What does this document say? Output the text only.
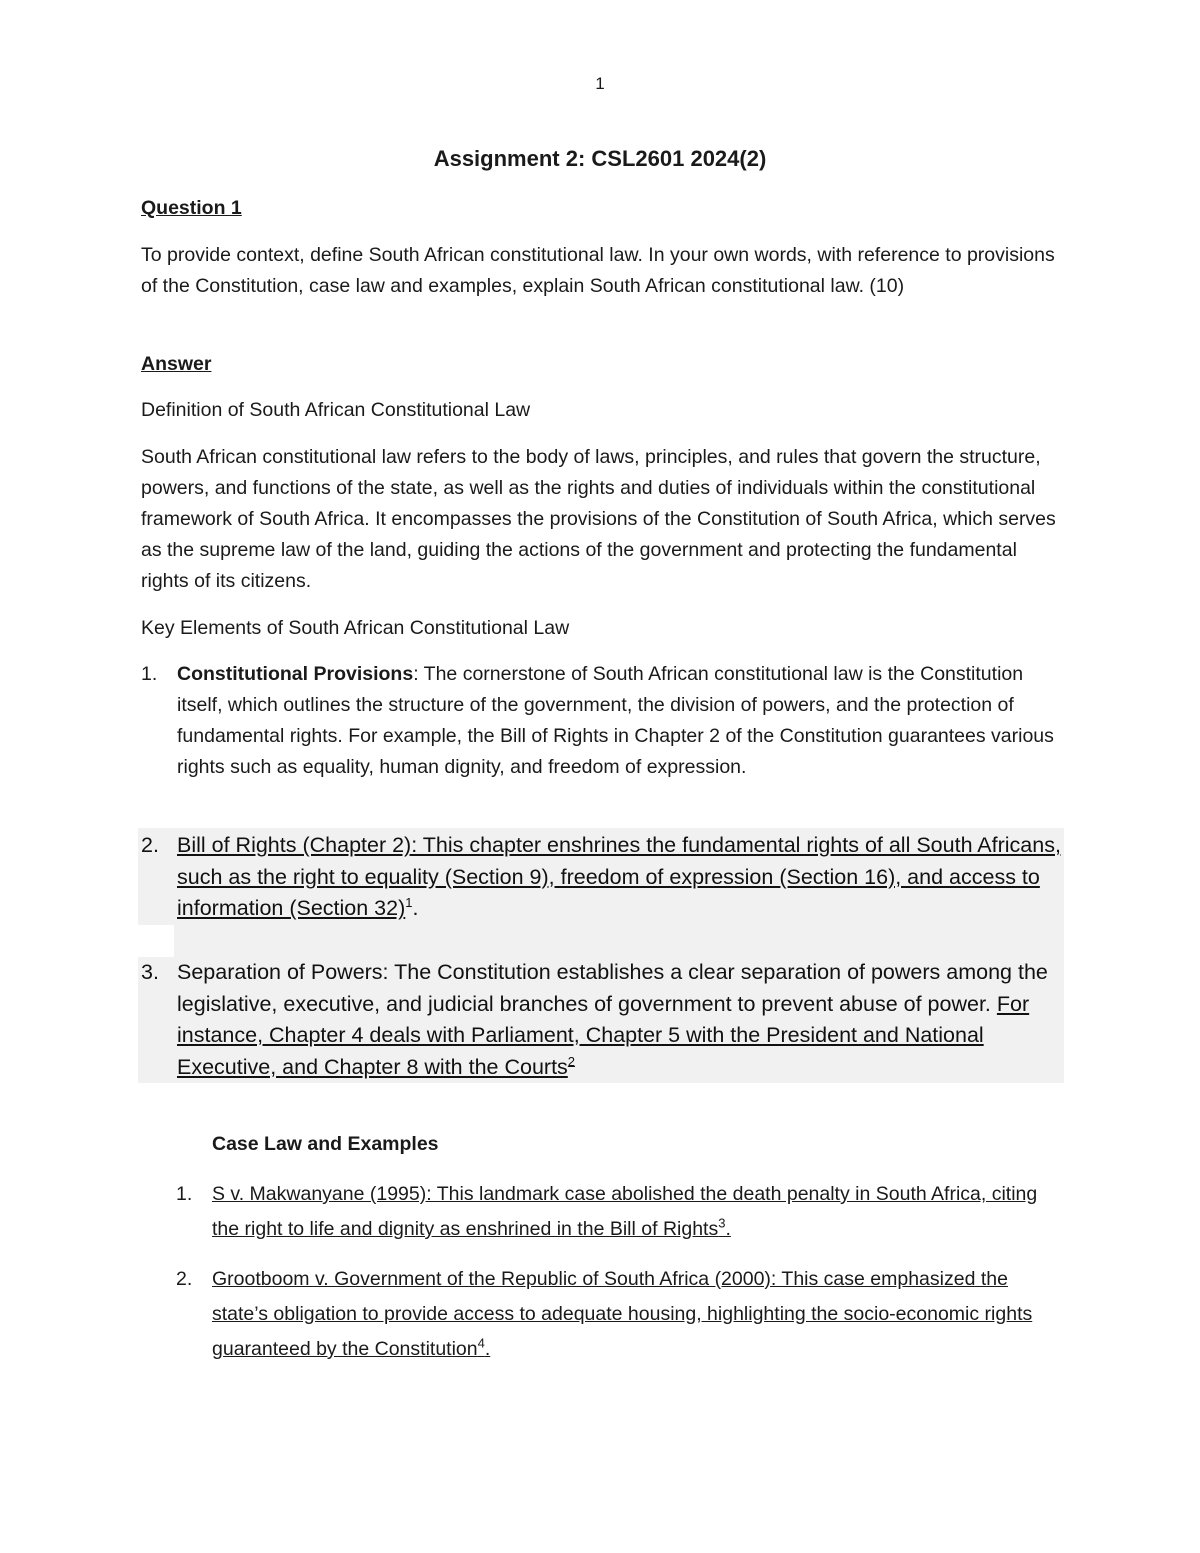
1
Assignment 2: CSL2601 2024(2)
Question 1
To provide context, define South African constitutional law. In your own words, with reference to provisions of the Constitution, case law and examples, explain South African constitutional law. (10)
Answer
Definition of South African Constitutional Law
South African constitutional law refers to the body of laws, principles, and rules that govern the structure, powers, and functions of the state, as well as the rights and duties of individuals within the constitutional framework of South Africa. It encompasses the provisions of the Constitution of South Africa, which serves as the supreme law of the land, guiding the actions of the government and protecting the fundamental rights of its citizens.
Key Elements of South African Constitutional Law
1.	Constitutional Provisions: The cornerstone of South African constitutional law is the Constitution itself, which outlines the structure of the government, the division of powers, and the protection of fundamental rights. For example, the Bill of Rights in Chapter 2 of the Constitution guarantees various rights such as equality, human dignity, and freedom of expression.
2. Bill of Rights (Chapter 2): This chapter enshrines the fundamental rights of all South Africans, such as the right to equality (Section 9), freedom of expression (Section 16), and access to information (Section 32)$^1$.
3. Separation of Powers: The Constitution establishes a clear separation of powers among the legislative, executive, and judicial branches of government to prevent abuse of power. For instance, Chapter 4 deals with Parliament, Chapter 5 with the President and National Executive, and Chapter 8 with the Courts$^2$
Case Law and Examples
1. S v. Makwanyane (1995): This landmark case abolished the death penalty in South Africa, citing the right to life and dignity as enshrined in the Bill of Rights$^3$.
2. Grootboom v. Government of the Republic of South Africa (2000): This case emphasized the state’s obligation to provide access to adequate housing, highlighting the socio-economic rights guaranteed by the Constitution$^4$.
